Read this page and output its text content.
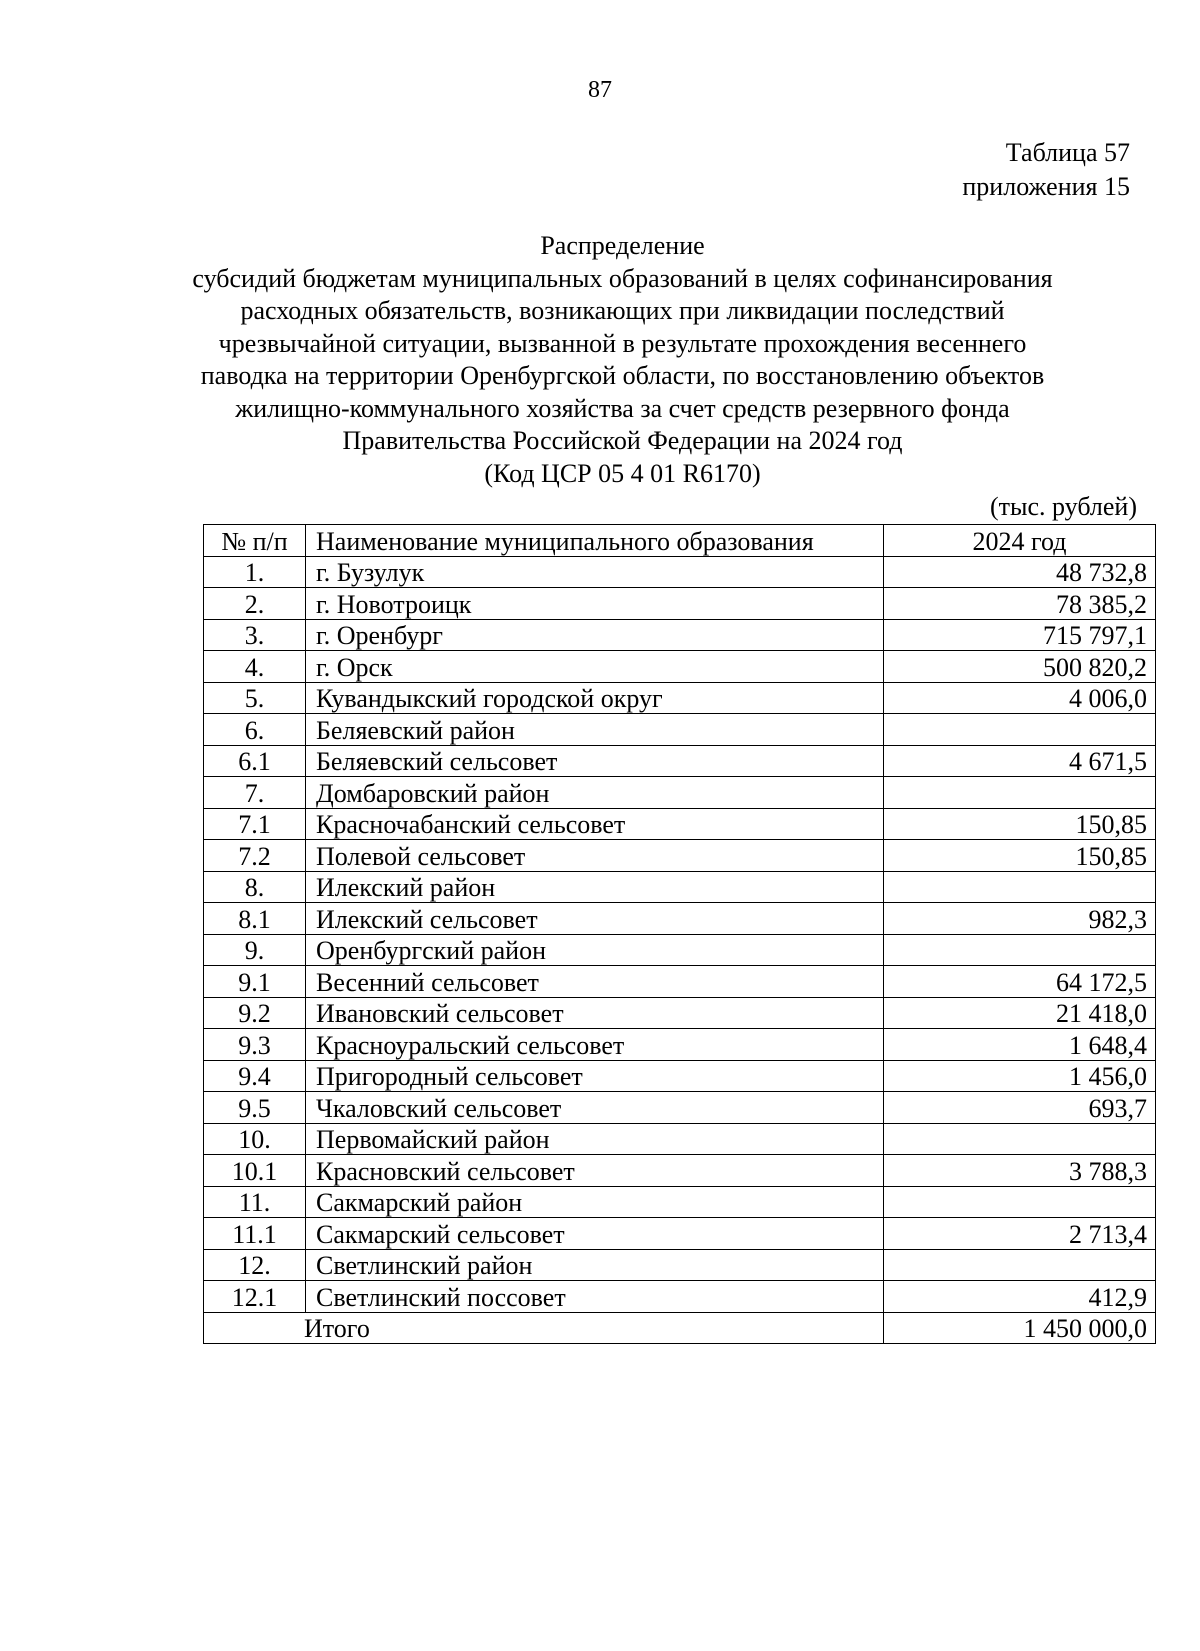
87
Таблица 57
приложения 15
Распределение
субсидий бюджетам муниципальных образований в целях софинансирования
расходных обязательств, возникающих при ликвидации последствий
чрезвычайной ситуации, вызванной в результате прохождения весеннего
паводка на территории Оренбургской области, по восстановлению объектов
жилищно-коммунального хозяйства за счет средств резервного фонда
Правительства Российской Федерации на 2024 год
(Код ЦСР 05 4 01 R6170)
(тыс. рублей)
№ п/п	Наименование муниципального образования	2024 год
1.	г. Бузулук	48 732,8
2.	г. Новотроицк	78 385,2
3.	г. Оренбург	715 797,1
4.	г. Орск	500 820,2
5.	Кувандыкский городской округ	4 006,0
6.	Беляевский район	
6.1	Беляевский сельсовет	4 671,5
7.	Домбаровский район	
7.1	Красночабанский сельсовет	150,85
7.2	Полевой сельсовет	150,85
8.	Илекский район	
8.1	Илекский сельсовет	982,3
9.	Оренбургский район	
9.1	Весенний сельсовет	64 172,5
9.2	Ивановский сельсовет	21 418,0
9.3	Красноуральский сельсовет	1 648,4
9.4	Пригородный сельсовет	1 456,0
9.5	Чкаловский сельсовет	693,7
10.	Первомайский район	
10.1	Красновский сельсовет	3 788,3
11.	Сакмарский район	
11.1	Сакмарский сельсовет	2 713,4
12.	Светлинский район	
12.1	Светлинский поссовет	412,9
Итого		1 450 000,0
